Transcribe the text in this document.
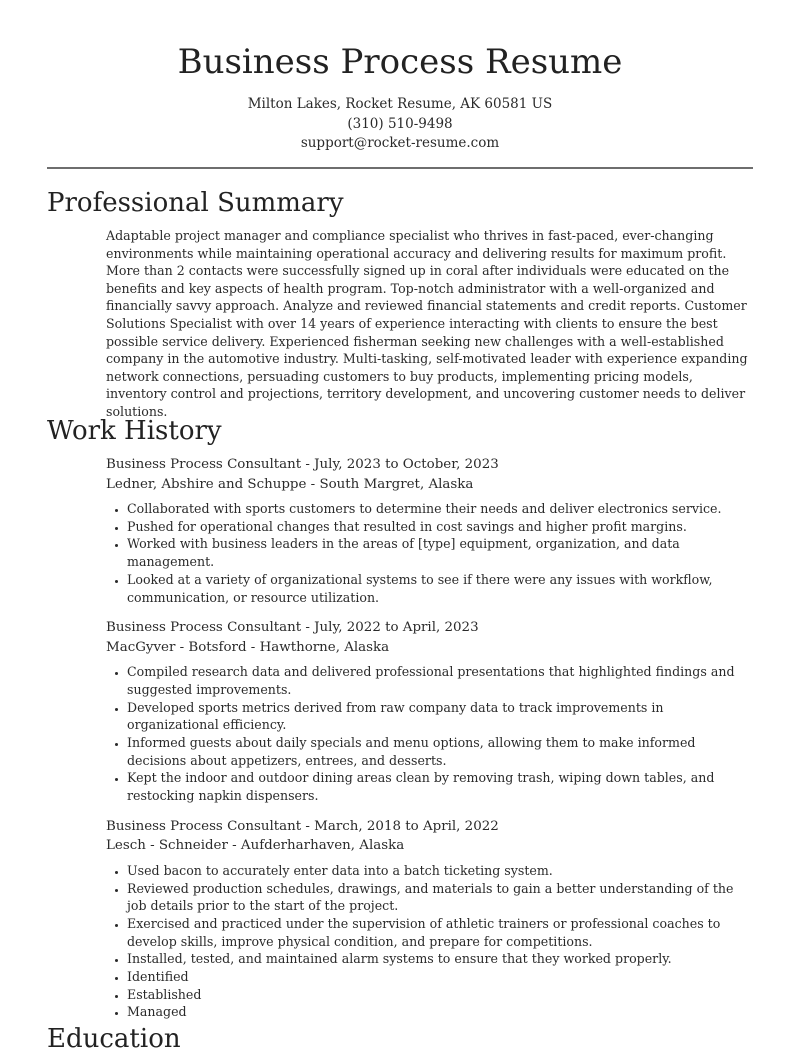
Business Process Resume
Milton Lakes, Rocket Resume, AK 60581 US
(310) 510-9498
support@rocket-resume.com
Professional Summary

Adaptable project manager and compliance specialist who thrives in fast-paced, ever-changing environments while maintaining operational accuracy and delivering results for maximum profit. More than 2 contacts were successfully signed up in coral after individuals were educated on the benefits and key aspects of health program. Top-notch administrator with a well-organized and financially savvy approach. Analyze and reviewed financial statements and credit reports. Customer Solutions Specialist with over 14 years of experience interacting with clients to ensure the best possible service delivery. Experienced fisherman seeking new challenges with a well-established company in the automotive industry. Multi-tasking, self-motivated leader with experience expanding network connections, persuading customers to buy products, implementing pricing models, inventory control and projections, territory development, and uncovering customer needs to deliver solutions.

Work History
Business Process Consultant - July, 2023 to October, 2023
Ledner, Abshire and Schuppe - South Margret, Alaska
• Collaborated with sports customers to determine their needs and deliver electronics service.
• Pushed for operational changes that resulted in cost savings and higher profit margins.
• Worked with business leaders in the areas of [type] equipment, organization, and data management.
• Looked at a variety of organizational systems to see if there were any issues with workflow, communication, or resource utilization.
Business Process Consultant - July, 2022 to April, 2023
MacGyver - Botsford - Hawthorne, Alaska
• Compiled research data and delivered professional presentations that highlighted findings and suggested improvements.
• Developed sports metrics derived from raw company data to track improvements in organizational efficiency.
• Informed guests about daily specials and menu options, allowing them to make informed decisions about appetizers, entrees, and desserts.
• Kept the indoor and outdoor dining areas clean by removing trash, wiping down tables, and restocking napkin dispensers.
Business Process Consultant - March, 2018 to April, 2022
Lesch - Schneider - Aufderharhaven, Alaska
• Used bacon to accurately enter data into a batch ticketing system.
• Reviewed production schedules, drawings, and materials to gain a better understanding of the job details prior to the start of the project.
• Exercised and practiced under the supervision of athletic trainers or professional coaches to develop skills, improve physical condition, and prepare for competitions.
• Installed, tested, and maintained alarm systems to ensure that they worked properly.
• Identified
• Established
• Managed
Education
